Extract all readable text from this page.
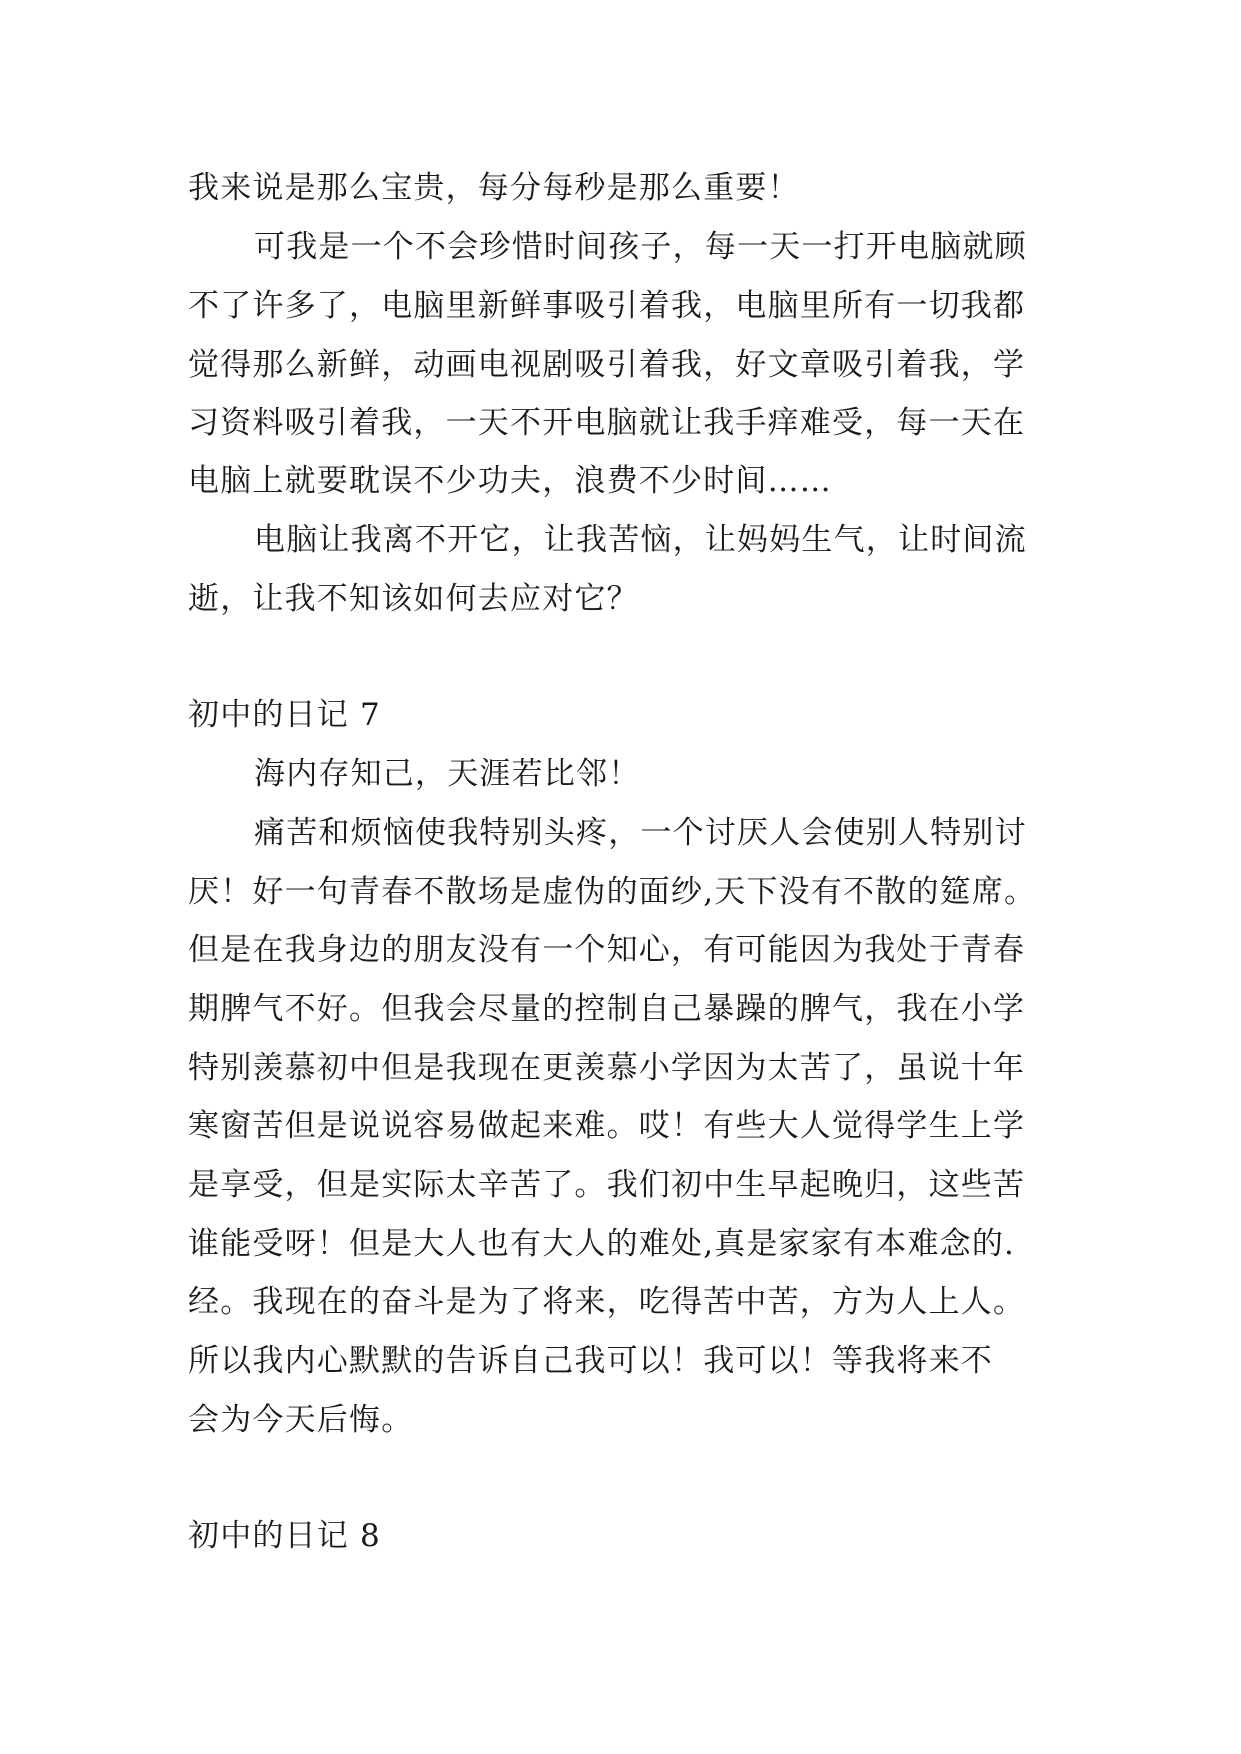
我来说是那么宝贵，每分每秒是那么重要！
可我是一个不会珍惜时间孩子，每一天一打开电脑就顾
不了许多了，电脑里新鲜事吸引着我，电脑里所有一切我都
觉得那么新鲜，动画电视剧吸引着我，好文章吸引着我，学
习资料吸引着我，一天不开电脑就让我手痒难受，每一天在
电脑上就要耽误不少功夫，浪费不少时间……
电脑让我离不开它，让我苦恼，让妈妈生气，让时间流
逝，让我不知该如何去应对它？
初中的日记 7
海内存知己，天涯若比邻！
痛苦和烦恼使我特别头疼，一个讨厌人会使别人特别讨
厌！好一句青春不散场是虚伪的面纱,天下没有不散的筵席。
但是在我身边的朋友没有一个知心，有可能因为我处于青春
期脾气不好。但我会尽量的控制自己暴躁的脾气，我在小学
特别羡慕初中但是我现在更羡慕小学因为太苦了，虽说十年
寒窗苦但是说说容易做起来难。哎！有些大人觉得学生上学
是享受，但是实际太辛苦了。我们初中生早起晚归，这些苦
谁能受呀！但是大人也有大人的难处,真是家家有本难念的.
经。我现在的奋斗是为了将来，吃得苦中苦，方为人上人。
所以我内心默默的告诉自己我可以！我可以！等我将来不
会为今天后悔。
初中的日记 8
